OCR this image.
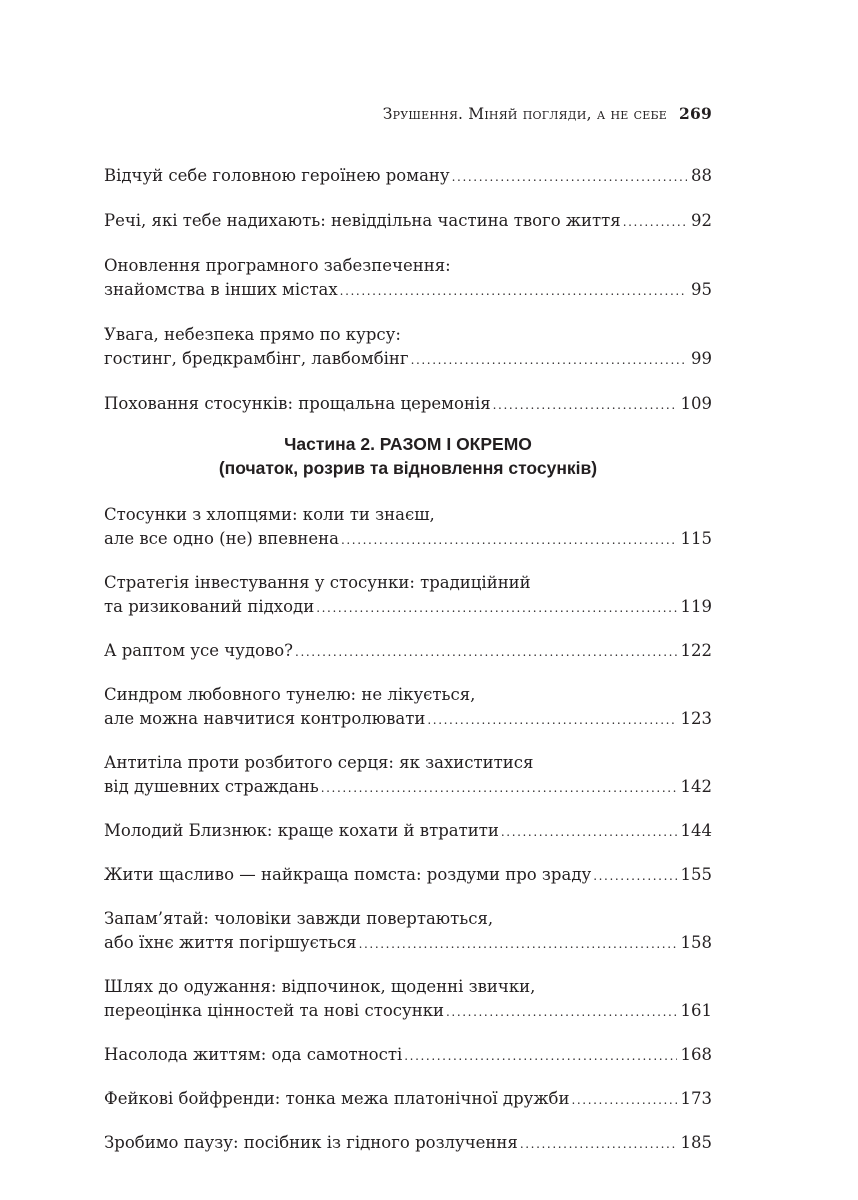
Зрушення. Міняй погляди, а не себе 269
Відчуй себе головною героїнею роману .....	88
Речі, які тебе надихають: невіддільна частина твого життя .....	92
Оновлення програмного забезпечення:
знайомства в інших містах .....	95
Увага, небезпека прямо по курсу:
гостинг, бредкрамбінг, лавбомбінг .....	99
Поховання стосунків: прощальна церемонія .....	109
Частина 2. РАЗОМ І ОКРЕМО
(початок, розрив та відновлення стосунків)
Стосунки з хлопцями: коли ти знаєш,
але все одно (не) впевнена .....	115
Стратегія інвестування у стосунки: традиційний
та ризикований підходи .....	119
А раптом усе чудово? .....	122
Синдром любовного тунелю: не лікується,
але можна навчитися контролювати .....	123
Антитіла проти розбитого серця: як захиститися
від душевних страждань .....	142
Молодий Близнюк: краще кохати й втратити .....	144
Жити щасливо — найкраща помста: роздуми про зраду .....	155
Запам’ятай: чоловіки завжди повертаються,
або їхнє життя погіршується .....	158
Шлях до одужання: відпочинок, щоденні звички,
переоцінка цінностей та нові стосунки .....	161
Насолода життям: ода самотності .....	168
Фейкові бойфренди: тонка межа платонічної дружби .....	173
Зробимо паузу: посібник із гідного розлучення .....	185
